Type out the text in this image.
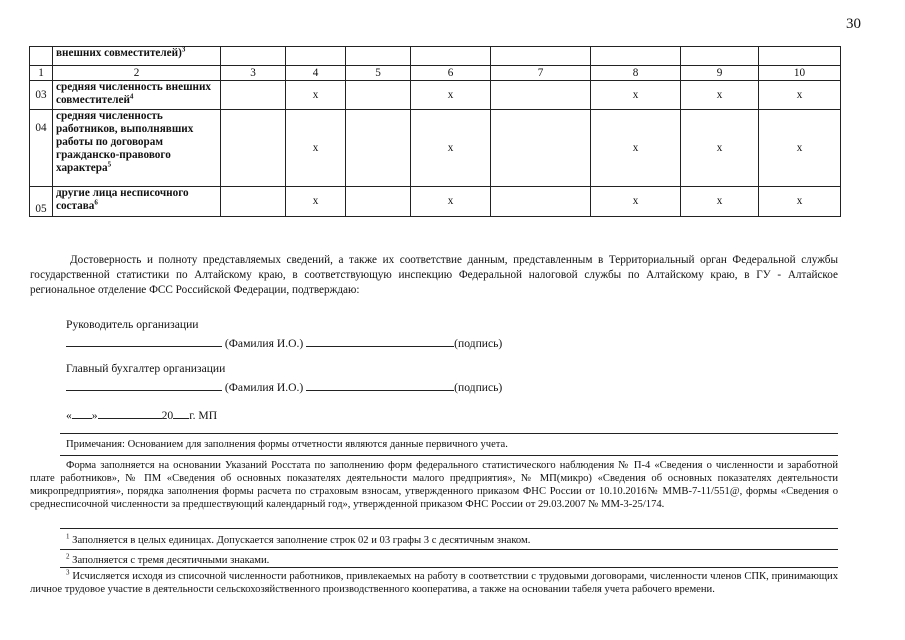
30
	внешних совместителей)$^3$								
1	2	3	4	5	6	7	8	9	10
03	средняя численность внешних совместителей$^4$		x		x		x	x	x
04	средняя численность работников, выполнявших работы по договорам гражданско-правового характера$^5$		x		x		x	x	x
05	другие лица несписочного состава$^6$		x		x		x	x	x
Достоверность и полноту представляемых сведений, а также их соответствие данным, представленным в Территориальный орган Федеральной службы государственной статистики по Алтайскому краю, в соответствующую инспекцию Федеральной налоговой службы по Алтайскому краю, в ГУ - Алтайское региональное отделение ФСС Российской Федерации, подтверждаю:
Руководитель организации
(Фамилия И.О.)	(подпись)
Главный бухгалтер организации
(Фамилия И.О.)	(подпись)
« »	20 г. МП
Примечания: Основанием для заполнения формы отчетности являются данные первичного учета.
Форма заполняется на основании Указаний Росстата по заполнению форм федерального статистического наблюдения № П-4 «Сведения о численности и заработной плате работников», № ПМ «Сведения об основных показателях деятельности малого предприятия», № МП(микро) «Сведения об основных показателях деятельности микропредприятия», порядка заполнения формы расчета по страховым взносам, утвержденного приказом ФНС России от 10.10.2016№ ММВ-7-11/551@, формы «Сведения о среднесписочной численности за предшествующий календарный год», утвержденной приказом ФНС России от 29.03.2007 № ММ-3-25/174.
$^1$ Заполняется в целых единицах. Допускается заполнение строк 02 и 03 графы 3 с десятичным знаком.
$^2$ Заполняется с тремя десятичными знаками.
$^3$ Исчисляется исходя из списочной численности работников, привлекаемых на работу в соответствии с трудовыми договорами, численности членов СПК, принимающих личное трудовое участие в деятельности сельскохозяйственного производственного кооператива, а также на основании табеля учета рабочего времени.
